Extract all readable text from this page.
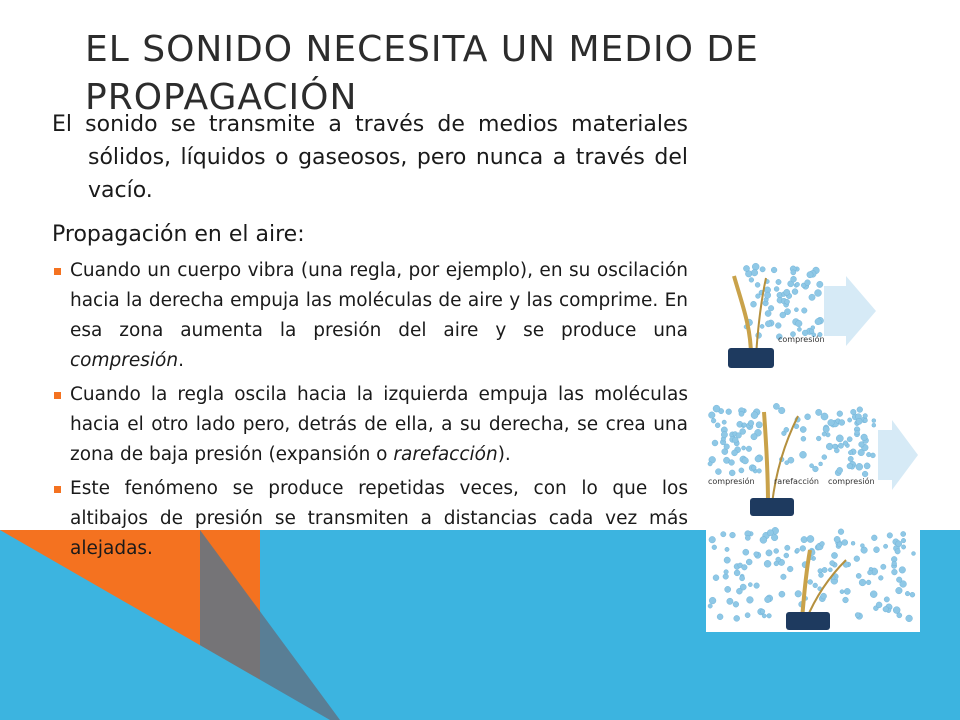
EL SONIDO NECESITA UN MEDIO DE PROPAGACIÓN

El sonido se transmite a través de medios materiales sólidos, líquidos o gaseosos, pero nunca a través del vacío.

Propagación en el aire:

Cuando un cuerpo vibra (una regla, por ejemplo), en su oscilación hacia la derecha empuja las moléculas de aire y las comprime. En esa zona aumenta la presión del aire y se produce una compresión.
Cuando la regla oscila hacia la izquierda empuja las moléculas hacia el otro lado pero, detrás de ella, a su derecha, se crea una zona de baja presión (expansión o rarefacción).
Este fenómeno se produce repetidas veces, con lo que los altibajos de presión se transmiten a distancias cada vez más alejadas.
compresión
compresión rarefacción compresión
